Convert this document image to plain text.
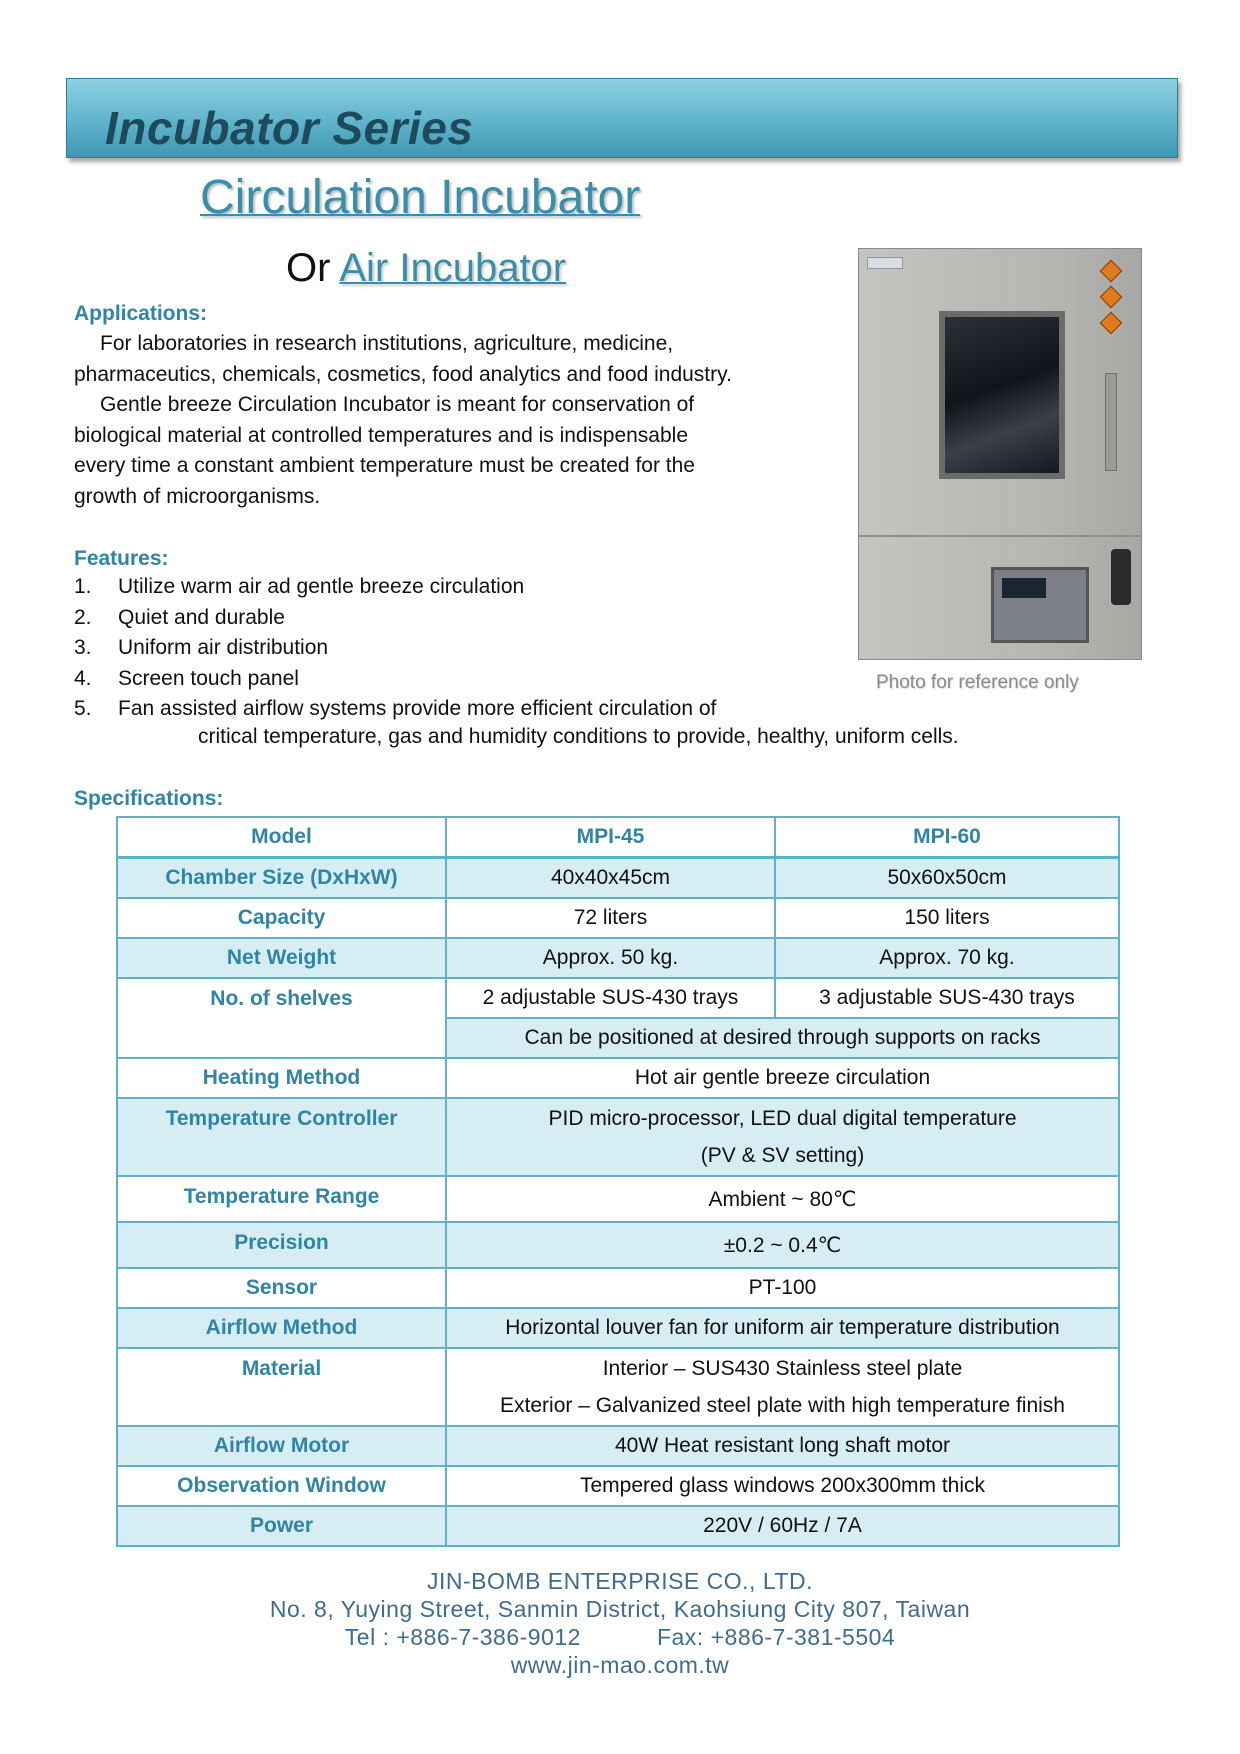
Incubator Series
Circulation Incubator
Or Air Incubator
Applications:
For laboratories in research institutions, agriculture, medicine,
pharmaceutics, chemicals, cosmetics, food analytics and food industry.
Gentle breeze Circulation Incubator is meant for conservation of
biological material at controlled temperatures and is indispensable
every time a constant ambient temperature must be created for the
growth of microorganisms.
Features:
1. Utilize warm air ad gentle breeze circulation
2. Quiet and durable
3. Uniform air distribution
4. Screen touch panel
5. Fan assisted airflow systems provide more efficient circulation of
critical temperature, gas and humidity conditions to provide, healthy, uniform cells.
Photo for reference only
Specifications:
Model	MPI-45	MPI-60
Chamber Size (DxHxW)	40x40x45cm	50x60x50cm
Capacity	72 liters	150 liters
Net Weight	Approx. 50 kg.	Approx. 70 kg.
No. of shelves	2 adjustable SUS-430 trays	3 adjustable SUS-430 trays
	Can be positioned at desired through supports on racks	
Heating Method	Hot air gentle breeze circulation	
Temperature Controller	PID micro-processor, LED dual digital temperature
(PV & SV setting)	

Temperature Range	Ambient ~ 80℃	
Precision	±0.2 ~ 0.4℃	
Sensor	PT-100	
Airflow Method	Horizontal louver fan for uniform air temperature distribution	
Material	Interior – SUS430 Stainless steel plate
Exterior – Galvanized steel plate with high temperature finish	

Airflow Motor	40W Heat resistant long shaft motor	
Observation Window	Tempered glass windows 200x300mm thick	
Power	220V / 60Hz / 7A	
JIN-BOMB ENTERPRISE CO., LTD.
No. 8, Yuying Street, Sanmin District, Kaohsiung City 807, Taiwan
Tel : +886-7-386-9012	Fax: +886-7-381-5504
www.jin-mao.com.tw
